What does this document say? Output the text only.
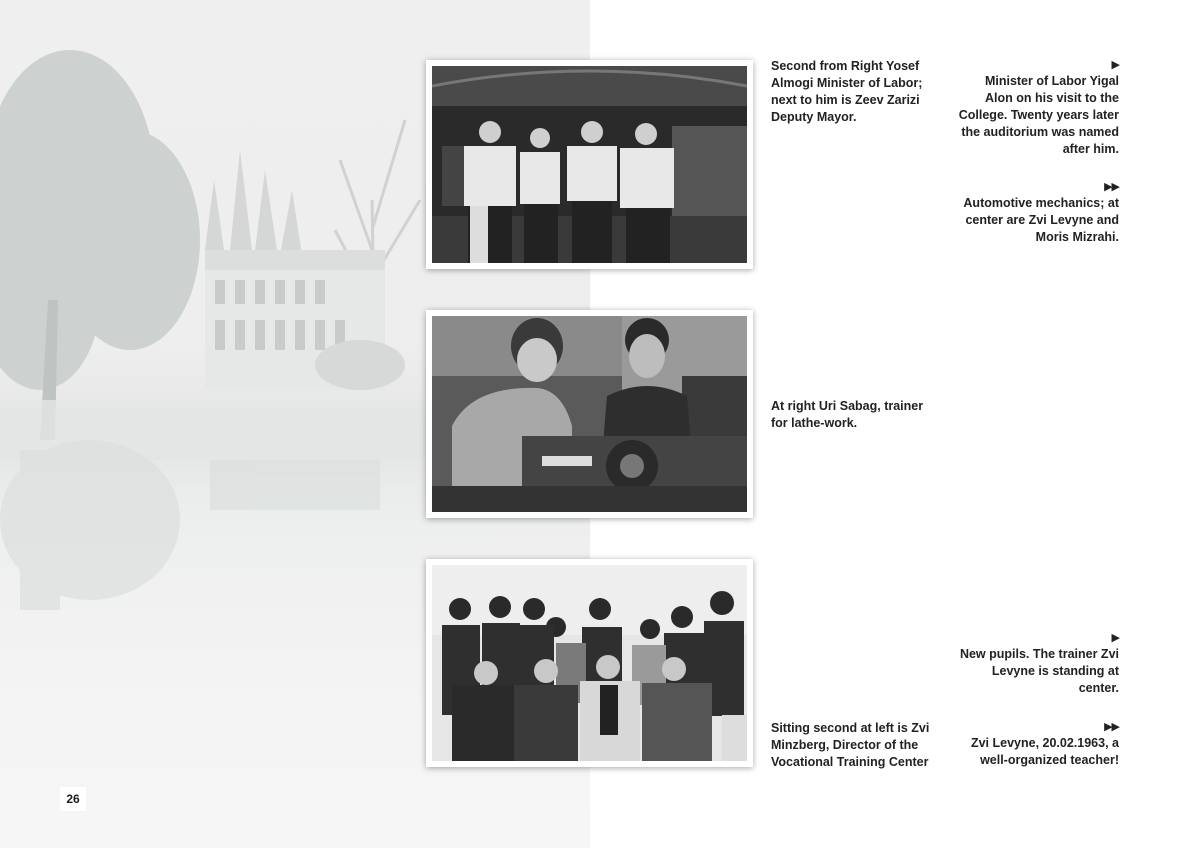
Second from Right Yosef Almogi Minister of Labor; next to him is Zeev Zarizi Deputy Mayor.
At right Uri Sabag, trainer for lathe-work.
Sitting second at left is Zvi Minzberg, Director of the Vocational Training Center
▶
Minister of Labor Yigal Alon on his visit to the College. Twenty years later the auditorium was named after him.
▶▶
Automotive mechanics; at center are Zvi Levyne and Moris Mizrahi.
▶
New pupils. The trainer Zvi Levyne is standing at center.
▶▶
Zvi Levyne, 20.02.1963, a well-organized teacher!
26
